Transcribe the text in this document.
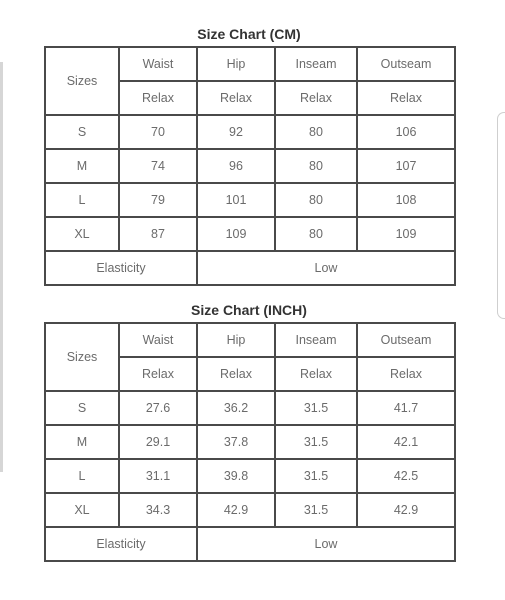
Size Chart (CM)
Sizes	Waist	Hip	Inseam	Outseam
	Relax	Relax	Relax	Relax
S	70	92	80	106
M	74	96	80	107
L	79	101	80	108
XL	87	109	80	109
Elasticity		Low		
Size Chart (INCH)
Sizes	Waist	Hip	Inseam	Outseam
	Relax	Relax	Relax	Relax
S	27.6	36.2	31.5	41.7
M	29.1	37.8	31.5	42.1
L	31.1	39.8	31.5	42.5
XL	34.3	42.9	31.5	42.9
Elasticity		Low		
